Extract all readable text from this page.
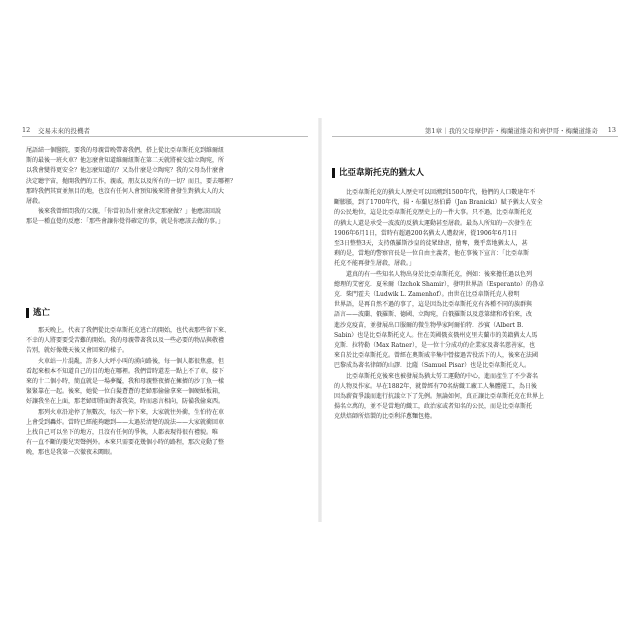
12 交易未來的投機者

尾語結一個醫院，要我的母親當晚帶著我們，搭上從比亞韋斯托克到維爾紐

斯的最後一班火車？他怎麼會知道維爾紐斯在第二天就將被交給立陶宛，所

以我會變得更安全？他怎麼知道的？又為什麼是立陶宛？我的父母為什麼會

決定聽宇宙，拋開我們的工作，親戚，朋友以及所有的一切？而且，要去哪裡？

那時我們其實並無目的地，也沒有任何人會預知後來將會發生對猶太人的大

屠殺。

後來我曾經問我的父親，「你當初為什麼會決定那麼做？」他應該回說

那是一種直覺的反應：「那些會讓你覺得確定的事，就是你應該去做的事。」

逃亡

那天晚上，代表了我們從比亞韋斯托克逃亡的開始，也代表那些留下來、

不幸的人將要要受苦難的開始。我的母親帶著我以及一些必要的物品與敬禮

告別，就好像幾天後又會回來的樣子。

火車站一片混亂，許多人大呼小叫的湧向路後，每一個人都很焦慮，但

看起來根本不知道自己的目的地在哪裡。我們當時還差一點上不了車，接下

來的十二個小時，簡直就是一場夢魘，我和母親整夜擠在擁擠的沙丁魚一樣

緊緊靠在一起。後來，她從一位白髮蒼蒼的老婦那偷偷拿來一個硬紙板箱，

好讓我坐在上面，那老婦即將面對著我笑，時而惡言相向，防備我偷東西。

那列火車沿途停了無數次，每次一停下來，大家就往外衝，生怕待在車

上會受到轟炸。當時已經能夠聽到——太過於清楚的說法——大家就衝回車

上找自己可以坐下的地方，且沒有任何的爭執，人都表現得很有禮貌。唯

有一直不斷的嬰兒哭聲例外。本來只需要花幾個小時的路程，那次竟動了整

晚，那也是我第一次徹夜未闔眼。

第1章｜我的父母摩伊許・梅蘭道維奇和齊伊哥・梅蘭道維奇 13
比亞韋斯托克的猶太人

比亞韋斯托克的猶太人歷史可以回溯到1500年代，他們的人口數達年不

斷膨脹，到了1700年代，揚・布蘭尼基伯爵（Jan Branicki）賦予猶太人安全

的公民地位，這是比亞韋斯托克歷史上的一件大事。只不過，比亞韋斯托克

的猶太人還是承受一波波的反猶太運動甚至屠殺。最為人所知的一次發生在

1906年6月1日，當時有超過200名猶太人遭殺害，從1906年6月1日

至3日整整3天，支持俄羅斯沙皇的徒眾肆虐，搶奪，幾乎當地猶太人，甚

剩的是，當地的警察官長是一位自由主義者，他在事後下宣言：「比亞韋斯

托克不能再發生屠殺，屠殺。」

還真的有一些知名人物出身於比亞韋斯托克，例如：後來擔任過以色列

總理的艾密克．夏米爾（Izchok Shamir），發明世界語（Esperanto）的魯卓

克．柴門霍夫（Ludwik L. Zamenhof）。由世在比亞韋斯托克人發明

世界語，是再自然不過的事了，這是因為比亞韋斯托克有各種不同的族群與

語言——波蘭、俄羅斯、德國、立陶宛，白俄羅斯以及意第緒和希伯來，改

進沙克疫苗，並發展出口服爾的微生物學家阿爾伯特．沙賓（Albert B.

Sabin）也是比亞韋斯托克人。住在美國俄亥俄州克里夫蘭市的美籍猶太人馬

克斯．拉特勒（Max Ratner），是一位十分成功的企業家及著名慈善家，也

來自於比亞韋斯托克。曾經在奧斯威辛集中營接過苦役活下的人，後來在法國

巴黎成為著名律師的山謬．比薩（Samuel Pisar）也是比亞韋斯托克人。

比亞韋斯托克後來也被發展為猶太勞工運動的中心，進而產生了不少著名

的人物及作家。早在1882年，就曾經有70名紡織工廠工人集體罷工，為日後

因為薪資爭議而進行抗議立下了先例。無論如何，真正讓比亞韋斯托克在世界上

揚名立萬的，並不是當地的織工，政治家或者知名的公民，而是比亞韋斯托

克烘焙師所焙製的比亞利洋蔥麵包捲。
